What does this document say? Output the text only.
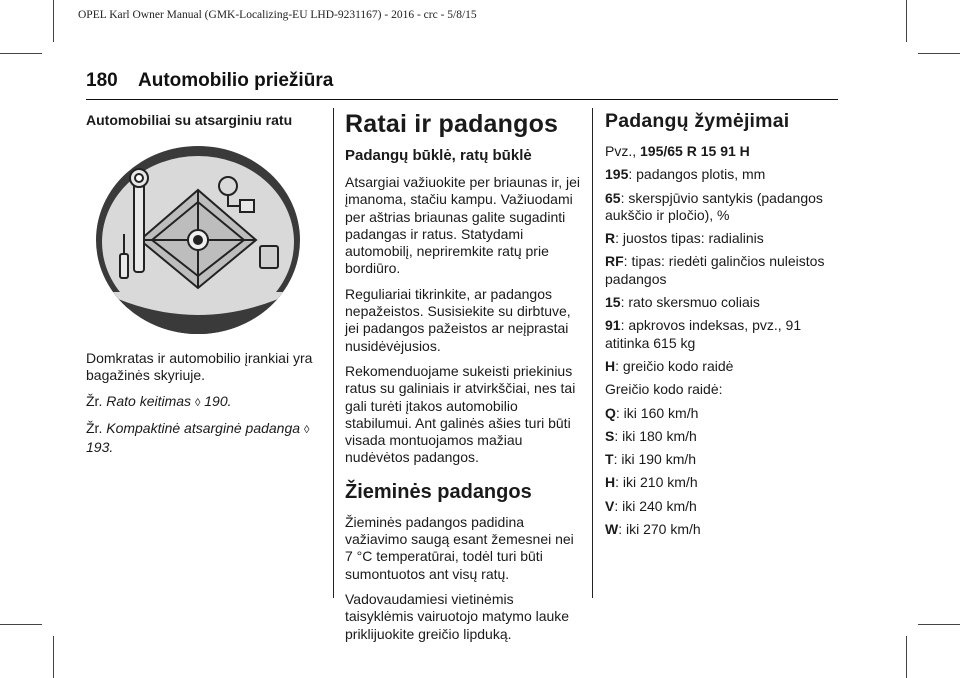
OPEL Karl Owner Manual (GMK-Localizing-EU LHD-9231167) - 2016 - crc - 5/8/15
180 Automobilio priežiūra
Automobiliai su atsarginiu ratu

Domkratas ir automobilio įrankiai yra bagažinės skyriuje.

Žr. Rato keitimas ◊ 190.

Žr. Kompaktinė atsarginė padanga ◊ 193.

Ratai ir padangos
Padangų būklė, ratų būklė

Atsargiai važiuokite per briaunas ir, jei įmanoma, stačiu kampu. Važiuodami per aštrias briaunas galite sugadinti padangas ir ratus. Statydami automobilį, nepriremkite ratų prie bordiūro.

Reguliariai tikrinkite, ar padangos nepažeistos. Susisiekite su dirbtuve, jei padangos pažeistos ar neįprastai nusidėvėjusios.

Rekomenduojame sukeisti priekinius ratus su galiniais ir atvirkščiai, nes tai gali turėti įtakos automobilio stabilumui. Ant galinės ašies turi būti visada montuojamos mažiau nudėvėtos padangos.

Žieminės padangos

Žieminės padangos padidina važiavimo saugą esant žemesnei nei 7 °C temperatūrai, todėl turi būti sumontuotos ant visų ratų.

Vadovaudamiesi vietinėmis taisyklėmis vairuotojo matymo lauke priklijuokite greičio lipduką.

Padangų žymėjimai

Pvz., 195/65 R 15 91 H

195: padangos plotis, mm

65: skerspjūvio santykis (padangos aukščio ir pločio), %

R: juostos tipas: radialinis

RF: tipas: riedėti galinčios nuleistos padangos

15: rato skersmuo coliais

91: apkrovos indeksas, pvz., 91 atitinka 615 kg

H: greičio kodo raidė

Greičio kodo raidė:

Q: iki 160 km/h

S: iki 180 km/h

T: iki 190 km/h

H: iki 210 km/h

V: iki 240 km/h

W: iki 270 km/h
